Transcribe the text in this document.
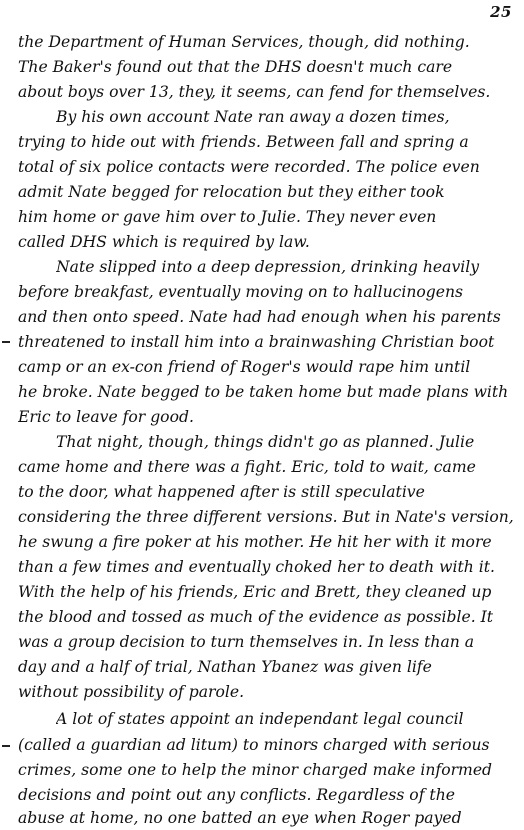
25
the Department of Human Services, though, did nothing.
The Baker's found out that the DHS doesn't much care
about boys over 13, they, it seems, can fend for themselves.
By his own account Nate ran away a dozen times,
trying to hide out with friends. Between fall and spring a
total of six police contacts were recorded. The police even
admit Nate begged for relocation but they either took
him home or gave him over to Julie. They never even
called DHS which is required by law.
Nate slipped into a deep depression, drinking heavily
before breakfast, eventually moving on to hallucinogens
and then onto speed. Nate had had enough when his parents
threatened to install him into a brainwashing Christian boot
camp or an ex-con friend of Roger's would rape him until
he broke. Nate begged to be taken home but made plans with
Eric to leave for good.
That night, though, things didn't go as planned. Julie
came home and there was a fight. Eric, told to wait, came
to the door, what happened after is still speculative
considering the three different versions. But in Nate's version,
he swung a fire poker at his mother. He hit her with it more
than a few times and eventually choked her to death with it.
With the help of his friends, Eric and Brett, they cleaned up
the blood and tossed as much of the evidence as possible. It
was a group decision to turn themselves in. In less than a
day and a half of trial, Nathan Ybanez was given life
without possibility of parole.
A lot of states appoint an independant legal council
(called a guardian ad litum) to minors charged with serious
crimes, some one to help the minor charged make informed
decisions and point out any conflicts. Regardless of the
abuse at home, no one batted an eye when Roger payed
